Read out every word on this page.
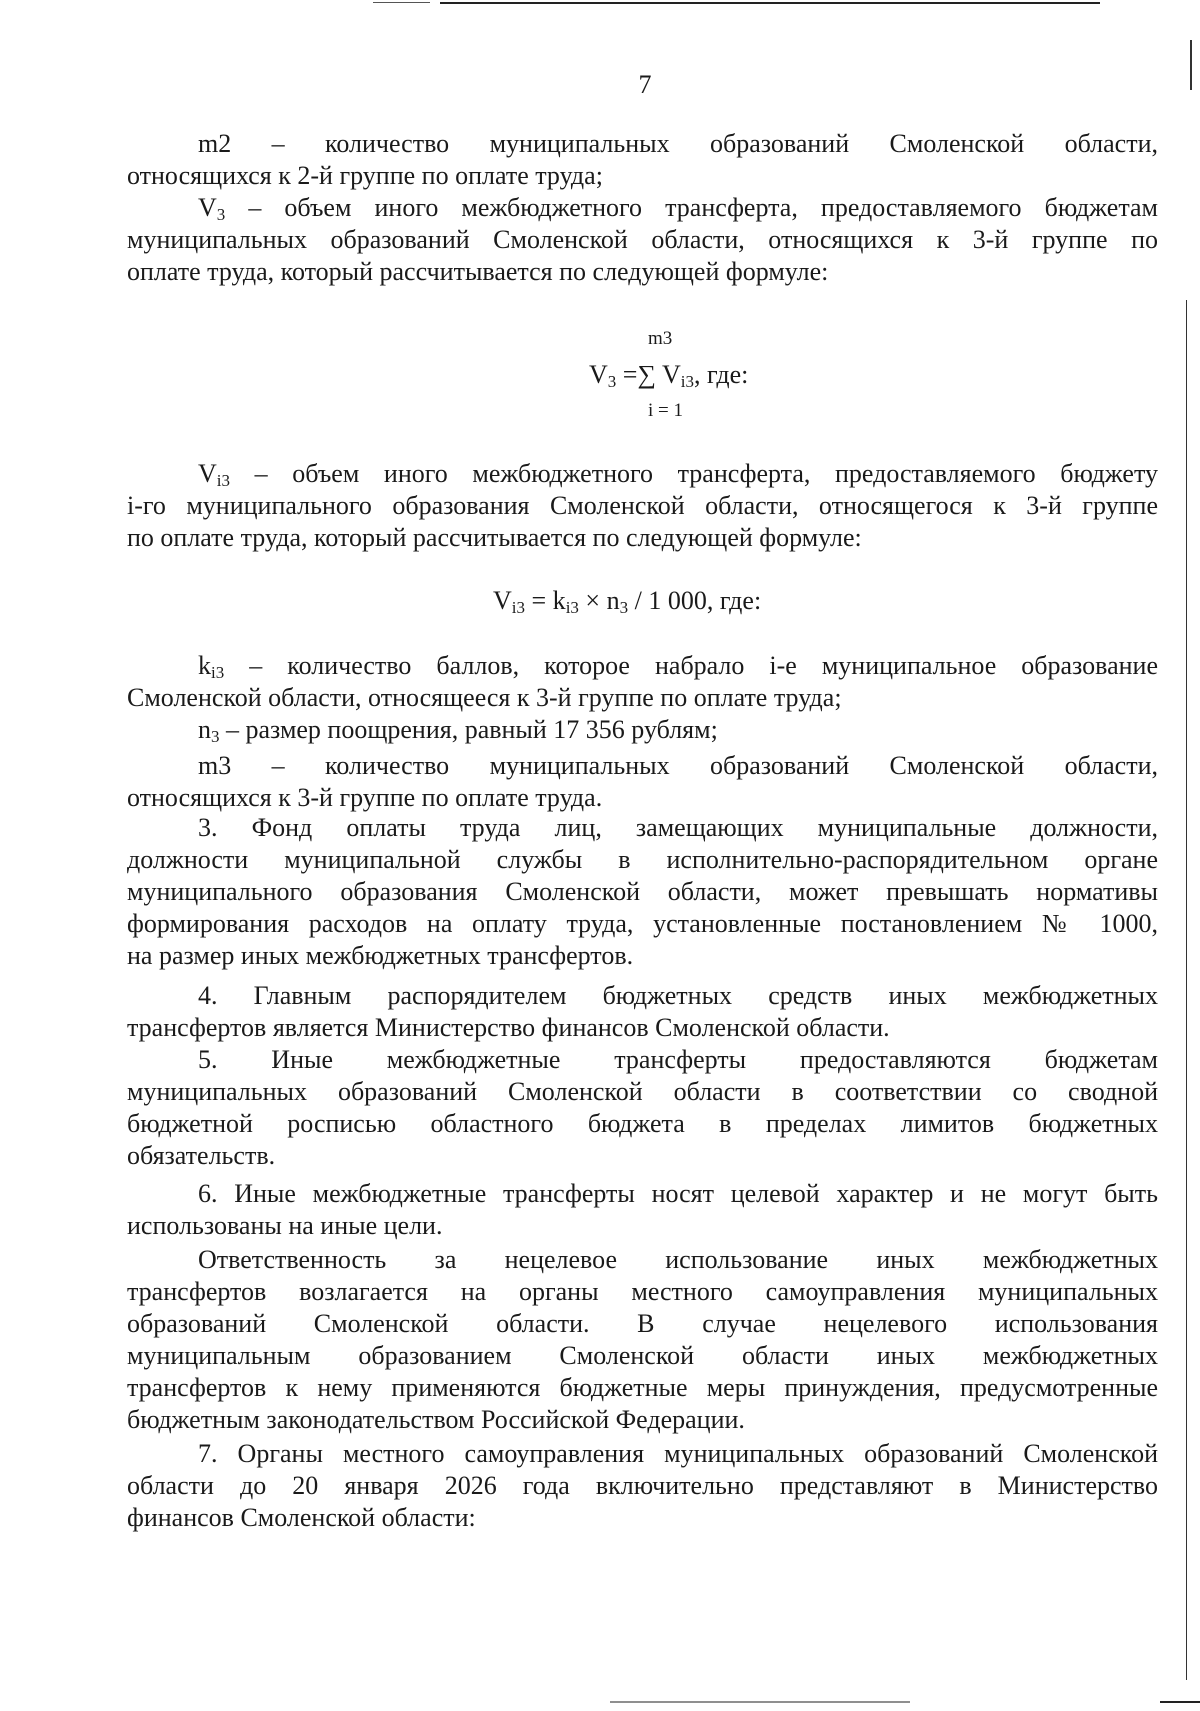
7
m2 – количество муниципальных образований Смоленской области,
относящихся к 2-й группе по оплате труда;
$V_3$ – объем иного межбюджетного трансферта, предоставляемого бюджетам
муниципальных образований Смоленской области, относящихся к 3-й группе по
оплате труда, который рассчитывается по следующей формуле:
m3
$V_3$ =∑ $V_{i3}$, где:
i = 1
$V_{i3}$ – объем иного межбюджетного трансферта, предоставляемого бюджету
i-го муниципального образования Смоленской области, относящегося к 3-й группе
по оплате труда, который рассчитывается по следующей формуле:
$V_{i3} = k_{i3} \times n_3 / 1$ 000, где:
$k_{i3}$ – количество баллов, которое набрало i-е муниципальное образование
Смоленской области, относящееся к 3-й группе по оплате труда;
$n_3$ – размер поощрения, равный 17 356 рублям;
m3 – количество муниципальных образований Смоленской области,
относящихся к 3-й группе по оплате труда.
3. Фонд оплаты труда лиц, замещающих муниципальные должности,
должности муниципальной службы в исполнительно-распорядительном органе
муниципального образования Смоленской области, может превышать нормативы
формирования расходов на оплату труда, установленные постановлением № 1000,
на размер иных межбюджетных трансфертов.
4. Главным распорядителем бюджетных средств иных межбюджетных
трансфертов является Министерство финансов Смоленской области.
5. Иные межбюджетные трансферты предоставляются бюджетам
муниципальных образований Смоленской области в соответствии со сводной
бюджетной росписью областного бюджета в пределах лимитов бюджетных
обязательств.
6. Иные межбюджетные трансферты носят целевой характер и не могут быть
использованы на иные цели.
Ответственность за нецелевое использование иных межбюджетных
трансфертов возлагается на органы местного самоуправления муниципальных
образований Смоленской области. В случае нецелевого использования
муниципальным образованием Смоленской области иных межбюджетных
трансфертов к нему применяются бюджетные меры принуждения, предусмотренные
бюджетным законодательством Российской Федерации.
7. Органы местного самоуправления муниципальных образований Смоленской
области до 20 января 2026 года включительно представляют в Министерство
финансов Смоленской области:
